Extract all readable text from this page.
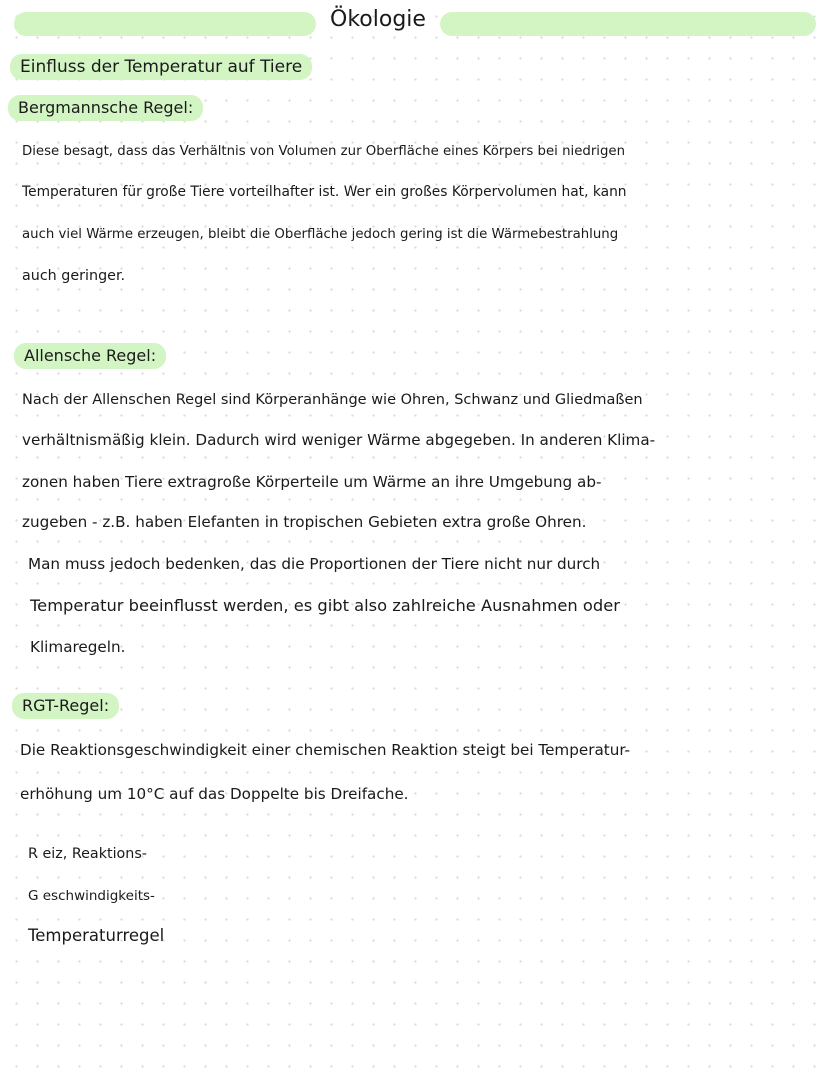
Ökologie
Einfluss der Temperatur auf Tiere
Bergmannsche Regel:
Diese besagt, dass das Verhältnis von Volumen zur Oberfläche eines Körpers bei niedrigen
Temperaturen für große Tiere vorteilhafter ist. Wer ein großes Körpervolumen hat, kann
auch viel Wärme erzeugen, bleibt die Oberfläche jedoch gering ist die Wärmebestrahlung
auch geringer.
Allensche Regel:
Nach der Allenschen Regel sind Körperanhänge wie Ohren, Schwanz und Gliedmaßen
verhältnismäßig klein. Dadurch wird weniger Wärme abgegeben. In anderen Klima-
zonen haben Tiere extragroße Körperteile um Wärme an ihre Umgebung ab-
zugeben - z.B. haben Elefanten in tropischen Gebieten extra große Ohren.
Man muss jedoch bedenken, das die Proportionen der Tiere nicht nur durch
Temperatur beeinflusst werden, es gibt also zahlreiche Ausnahmen oder
Klimaregeln.
RGT-Regel:
Die Reaktionsgeschwindigkeit einer chemischen Reaktion steigt bei Temperatur-
erhöhung um 10°C auf das Doppelte bis Dreifache.
R eiz, Reaktions-
G eschwindigkeits-
Temperaturregel
